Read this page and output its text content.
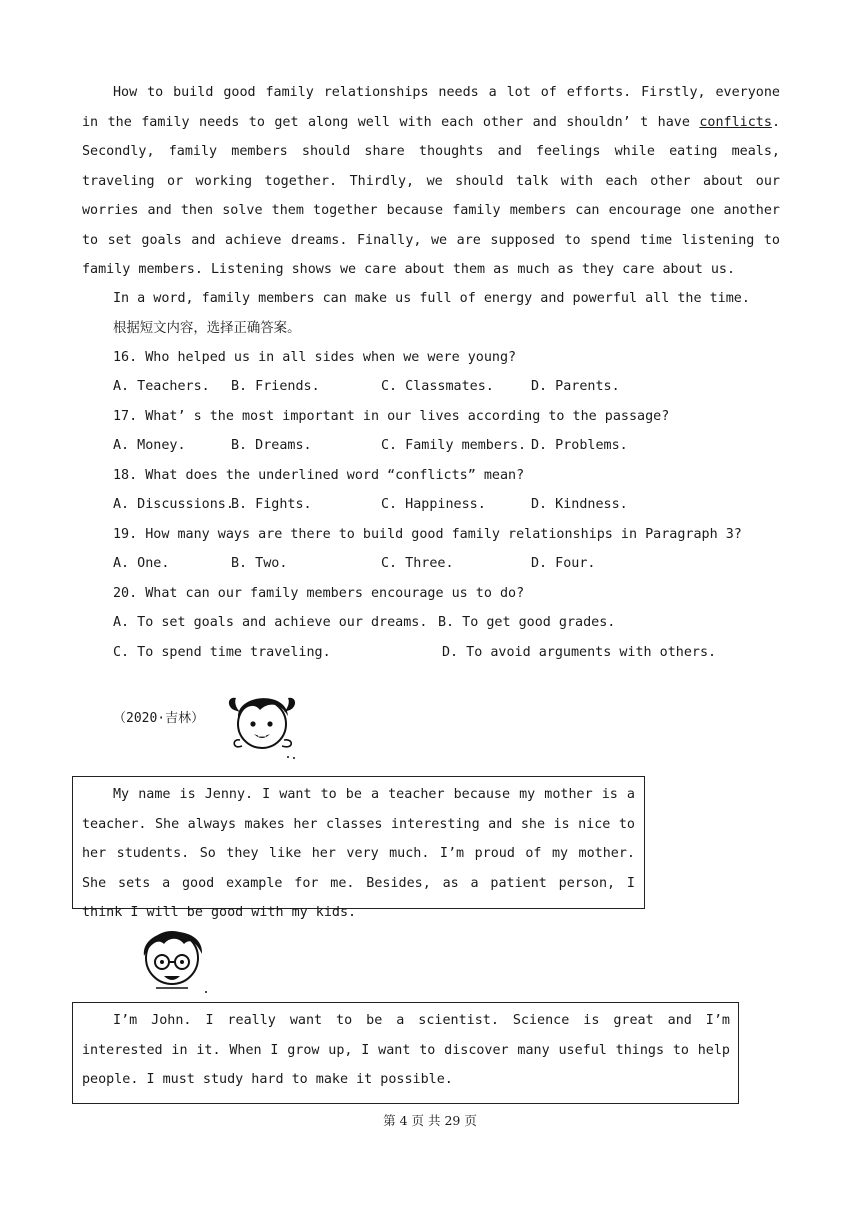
How to build good family relationships needs a lot of efforts. Firstly, everyone in the family needs to get along well with each other and shouldn’ t have conflicts. Secondly, family members should share thoughts and feelings while eating meals, traveling or working together. Thirdly, we should talk with each other about our worries and then solve them together because family members can encourage one another to set goals and achieve dreams. Finally, we are supposed to spend time listening to family members. Listening shows we care about them as much as they care about us.

In a word, family members can make us full of energy and powerful all the time.

根据短文内容，选择正确答案。

16. Who helped us in all sides when we were young?

A. Teachers. B. Friends.	C. Classmates.	D. Parents.

17. What’ s the most important in our lives according to the passage?

A. Money.	B. Dreams.	C. Family members. D. Problems.

18. What does the underlined word “conflicts” mean?

A. Discussions.
B. Fights.	C. Happiness.	D. Kindness.

19. How many ways are there to build good family relationships in Paragraph 3?

A. One.	B. Two.	C. Three.	D. Four.

20. What can our family members encourage us to do?

A. To set goals and achieve our dreams. B. To get good grades.
C. To spend time traveling.	D. To avoid arguments with others.
（2020·吉林）

My name is Jenny. I want to be a teacher because my mother is a teacher. She always makes her classes interesting and she is nice to her students. So they like her very much. I’m proud of my mother. She sets a good example for me. Besides, as a patient person, I think I will be good with my kids.

I’m John. I really want to be a scientist. Science is great and I’m interested in it. When I grow up, I want to discover many useful things to help people. I must study hard to make it possible.

第 4 页 共 29 页
